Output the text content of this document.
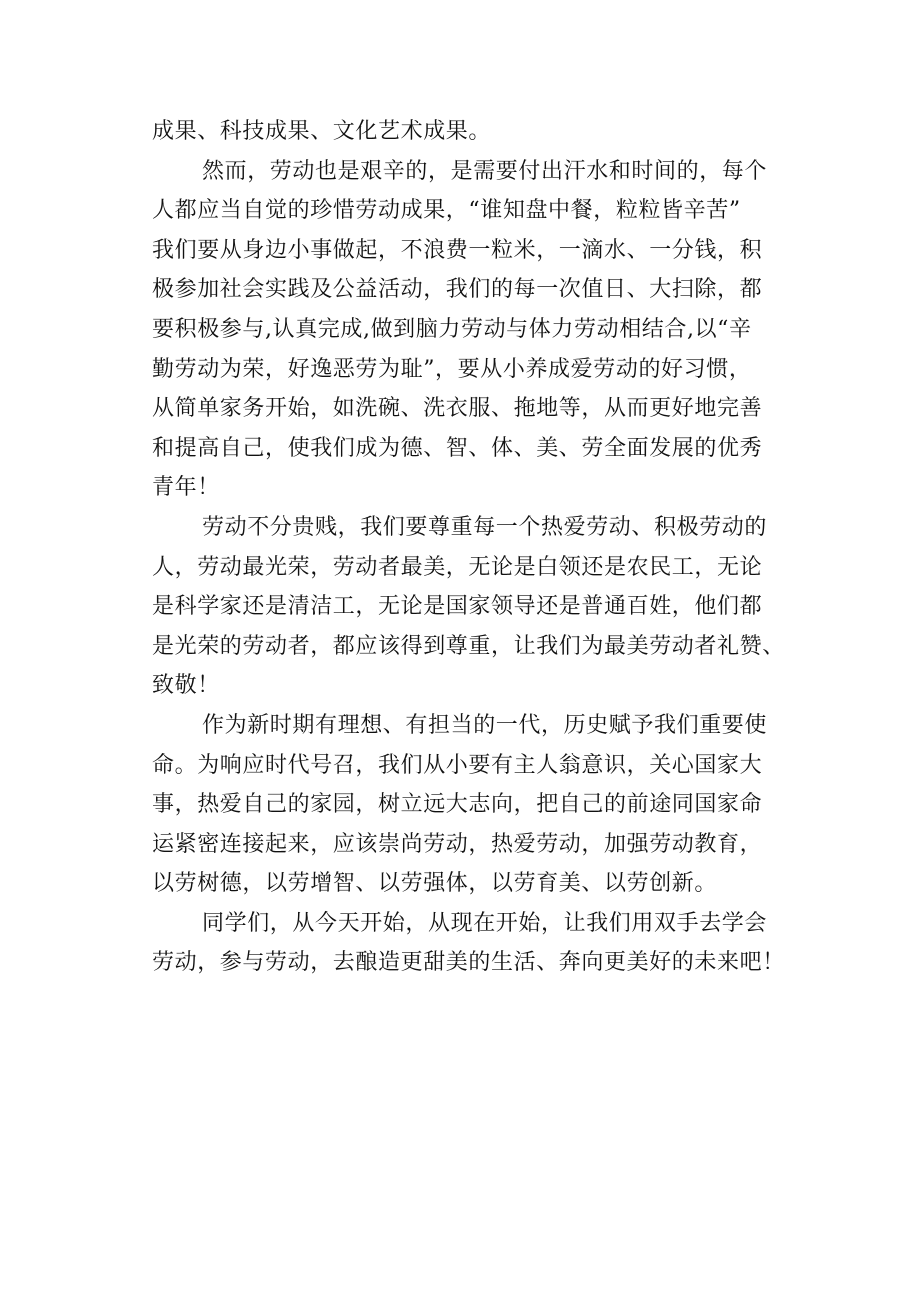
成果、科技成果、文化艺术成果。
然而，劳动也是艰辛的，是需要付出汗水和时间的，每个
人都应当自觉的珍惜劳动成果，“谁知盘中餐，粒粒皆辛苦”
我们要从身边小事做起，不浪费一粒米，一滴水、一分钱，积
极参加社会实践及公益活动，我们的每一次值日、大扫除，都
要积极参与,认真完成,做到脑力劳动与体力劳动相结合,以“辛
勤劳动为荣，好逸恶劳为耻”，要从小养成爱劳动的好习惯，
从简单家务开始，如洗碗、洗衣服、拖地等，从而更好地完善
和提高自己，使我们成为德、智、体、美、劳全面发展的优秀
青年！
劳动不分贵贱，我们要尊重每一个热爱劳动、积极劳动的
人，劳动最光荣，劳动者最美，无论是白领还是农民工，无论
是科学家还是清洁工，无论是国家领导还是普通百姓，他们都
是光荣的劳动者，都应该得到尊重，让我们为最美劳动者礼赞、
致敬！
作为新时期有理想、有担当的一代，历史赋予我们重要使
命。为响应时代号召，我们从小要有主人翁意识，关心国家大
事，热爱自己的家园，树立远大志向，把自己的前途同国家命
运紧密连接起来，应该崇尚劳动，热爱劳动，加强劳动教育，
以劳树德，以劳增智、以劳强体，以劳育美、以劳创新。
同学们，从今天开始，从现在开始，让我们用双手去学会
劳动，参与劳动，去酿造更甜美的生活、奔向更美好的未来吧！
